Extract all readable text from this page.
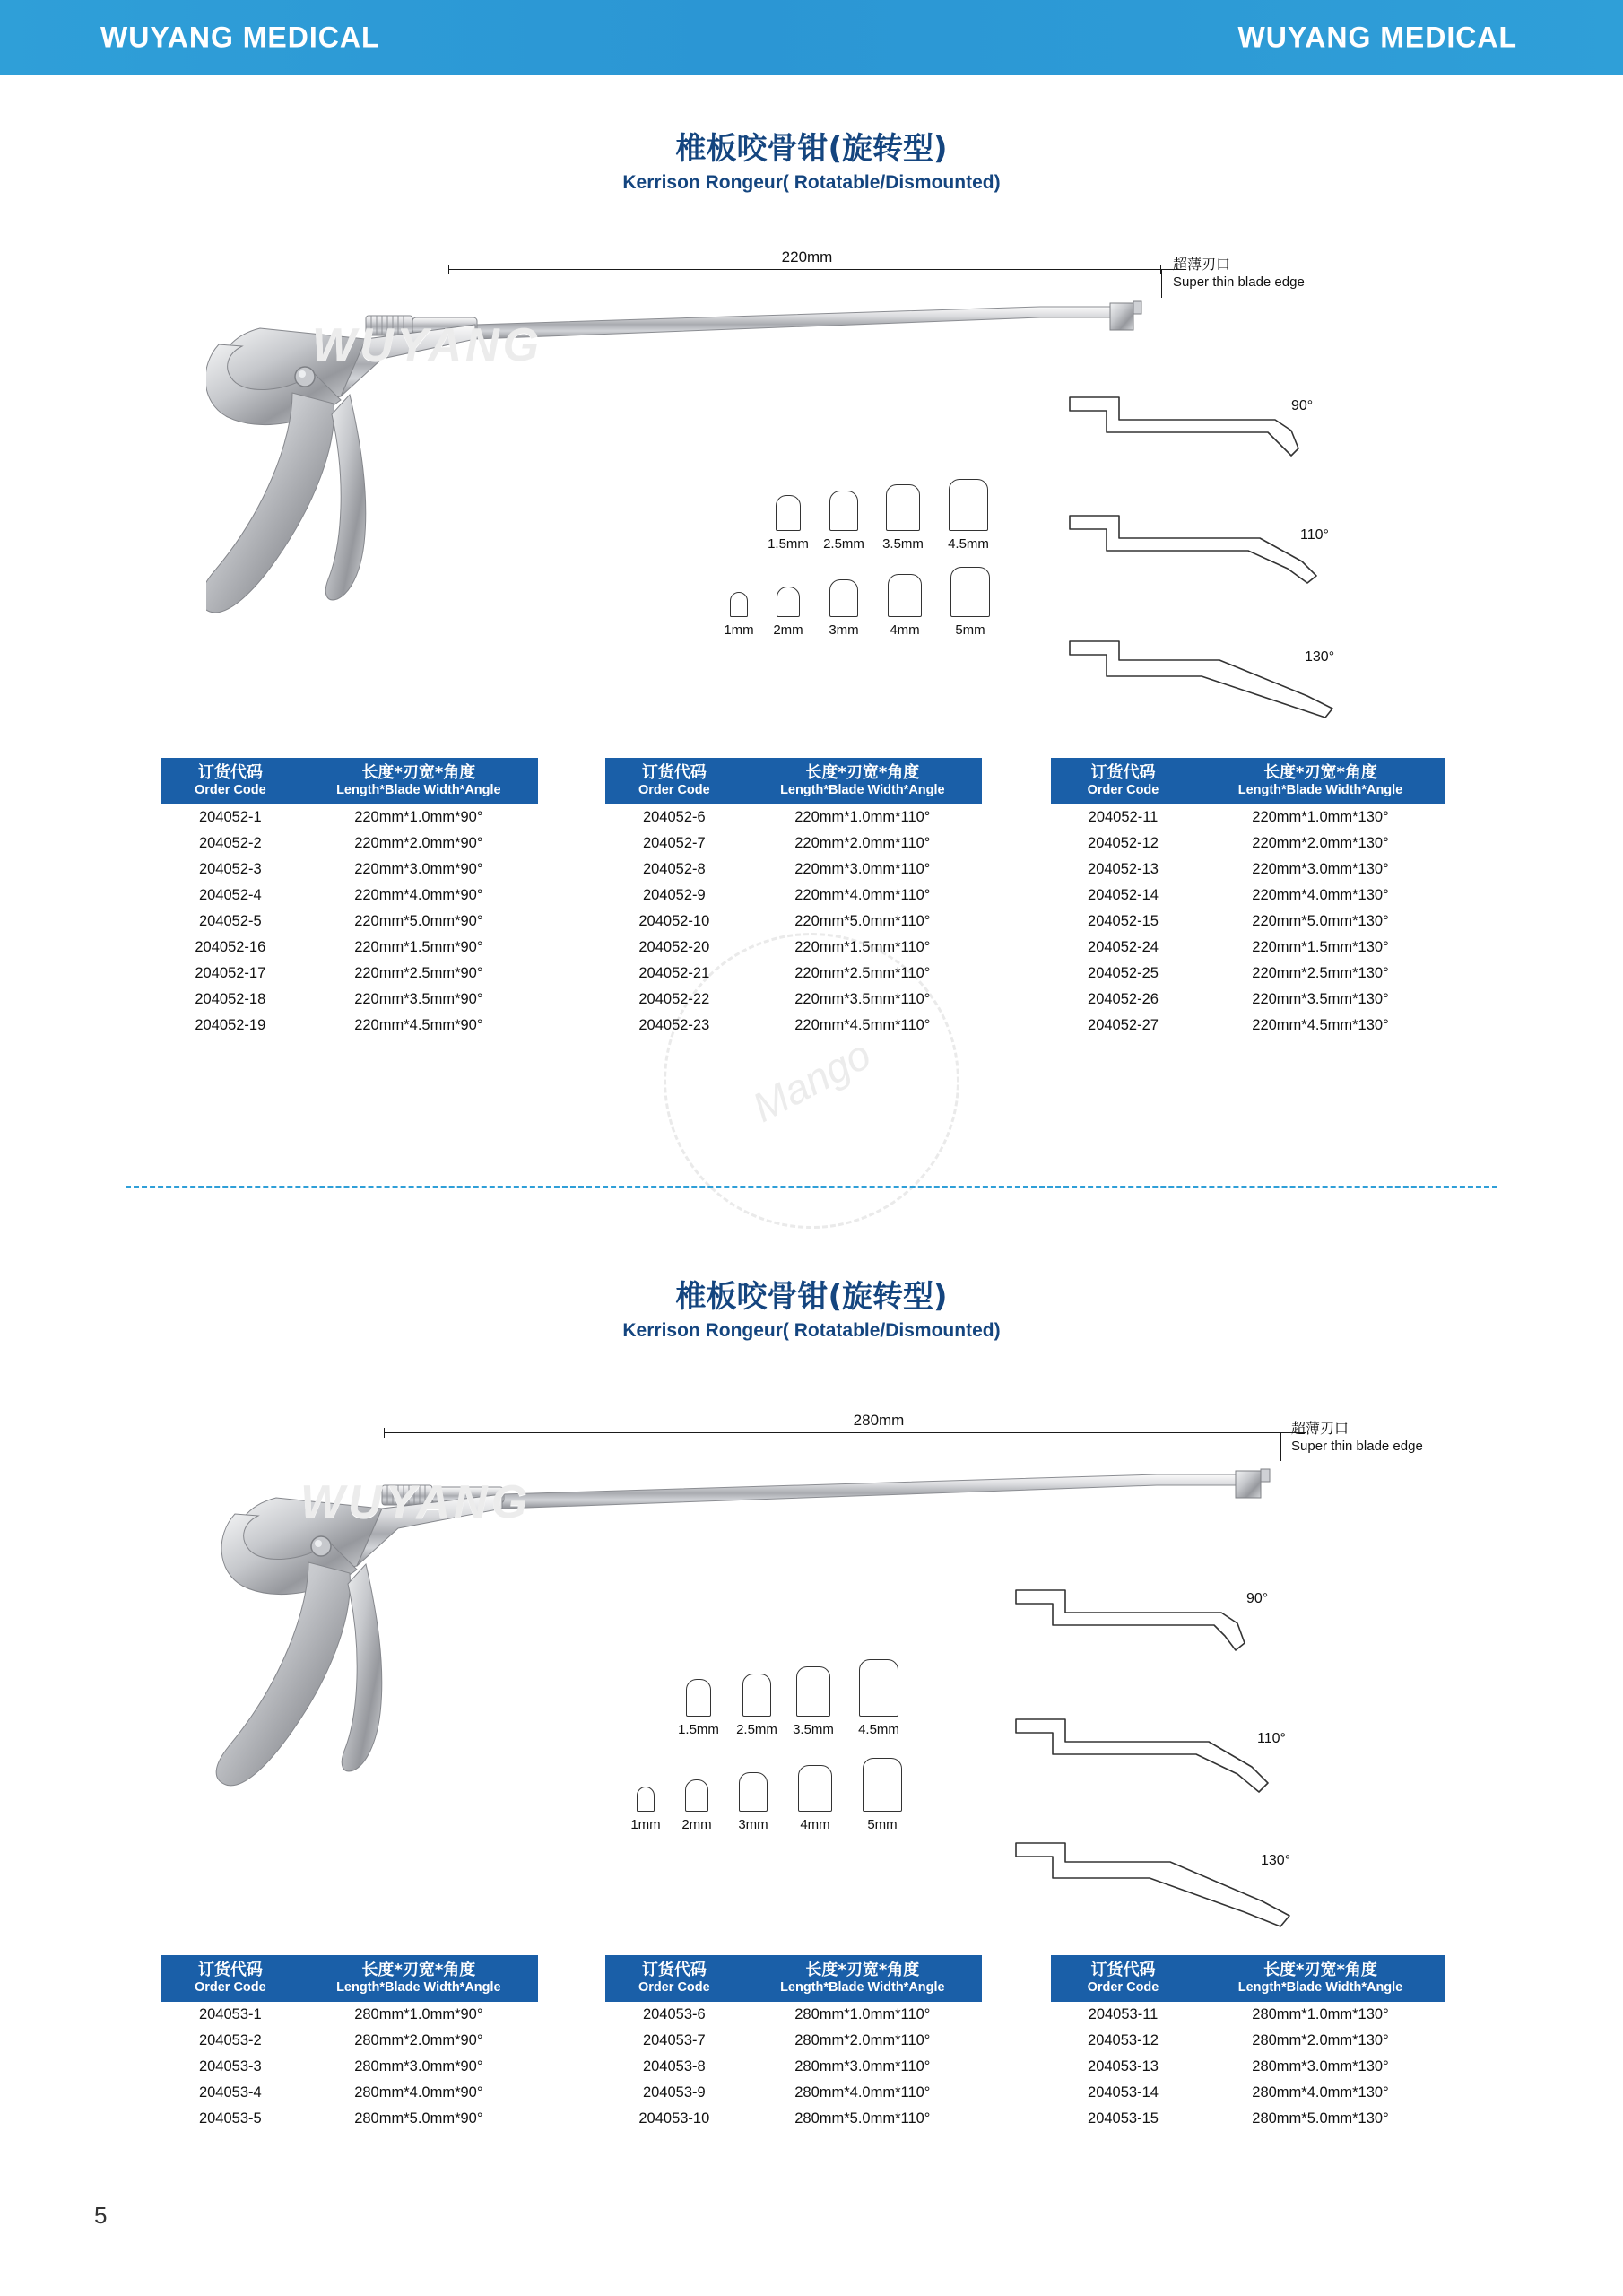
WUYANG MEDICAL	WUYANG MEDICAL
椎板咬骨钳(旋转型)
Kerrison Rongeur( Rotatable/Dismounted)
220mm	超薄刃口
Super thin blade edge
WUYANG
1.5mm	2.5mm	3.5mm	4.5mm
1mm	2mm	3mm	4mm	5mm
90°
110°
130°
Mango
订货代码
Order Code

长度*刃宽*角度
Length*Blade Width*Angle

204052-1	220mm*1.0mm*90°
204052-2	220mm*2.0mm*90°
204052-3	220mm*3.0mm*90°
204052-4	220mm*4.0mm*90°
204052-5	220mm*5.0mm*90°
204052-16	220mm*1.5mm*90°
204052-17	220mm*2.5mm*90°
204052-18	220mm*3.5mm*90°
204052-19	220mm*4.5mm*90°
订货代码
Order Code

长度*刃宽*角度
Length*Blade Width*Angle

204052-6	220mm*1.0mm*110°
204052-7	220mm*2.0mm*110°
204052-8	220mm*3.0mm*110°
204052-9	220mm*4.0mm*110°
204052-10	220mm*5.0mm*110°
204052-20	220mm*1.5mm*110°
204052-21	220mm*2.5mm*110°
204052-22	220mm*3.5mm*110°
204052-23	220mm*4.5mm*110°
订货代码
Order Code

长度*刃宽*角度
Length*Blade Width*Angle

204052-11	220mm*1.0mm*130°
204052-12	220mm*2.0mm*130°
204052-13	220mm*3.0mm*130°
204052-14	220mm*4.0mm*130°
204052-15	220mm*5.0mm*130°
204052-24	220mm*1.5mm*130°
204052-25	220mm*2.5mm*130°
204052-26	220mm*3.5mm*130°
204052-27	220mm*4.5mm*130°
椎板咬骨钳(旋转型)
Kerrison Rongeur( Rotatable/Dismounted)
280mm	超薄刃口
Super thin blade edge
WUYANG
1.5mm	2.5mm	3.5mm	4.5mm
1mm	2mm	3mm	4mm	5mm
90°
110°
130°
订货代码
Order Code

长度*刃宽*角度
Length*Blade Width*Angle

204053-1	280mm*1.0mm*90°
204053-2	280mm*2.0mm*90°
204053-3	280mm*3.0mm*90°
204053-4	280mm*4.0mm*90°
204053-5	280mm*5.0mm*90°
订货代码
Order Code

长度*刃宽*角度
Length*Blade Width*Angle

204053-6	280mm*1.0mm*110°
204053-7	280mm*2.0mm*110°
204053-8	280mm*3.0mm*110°
204053-9	280mm*4.0mm*110°
204053-10	280mm*5.0mm*110°
订货代码
Order Code

长度*刃宽*角度
Length*Blade Width*Angle

204053-11	280mm*1.0mm*130°
204053-12	280mm*2.0mm*130°
204053-13	280mm*3.0mm*130°
204053-14	280mm*4.0mm*130°
204053-15	280mm*5.0mm*130°
5
